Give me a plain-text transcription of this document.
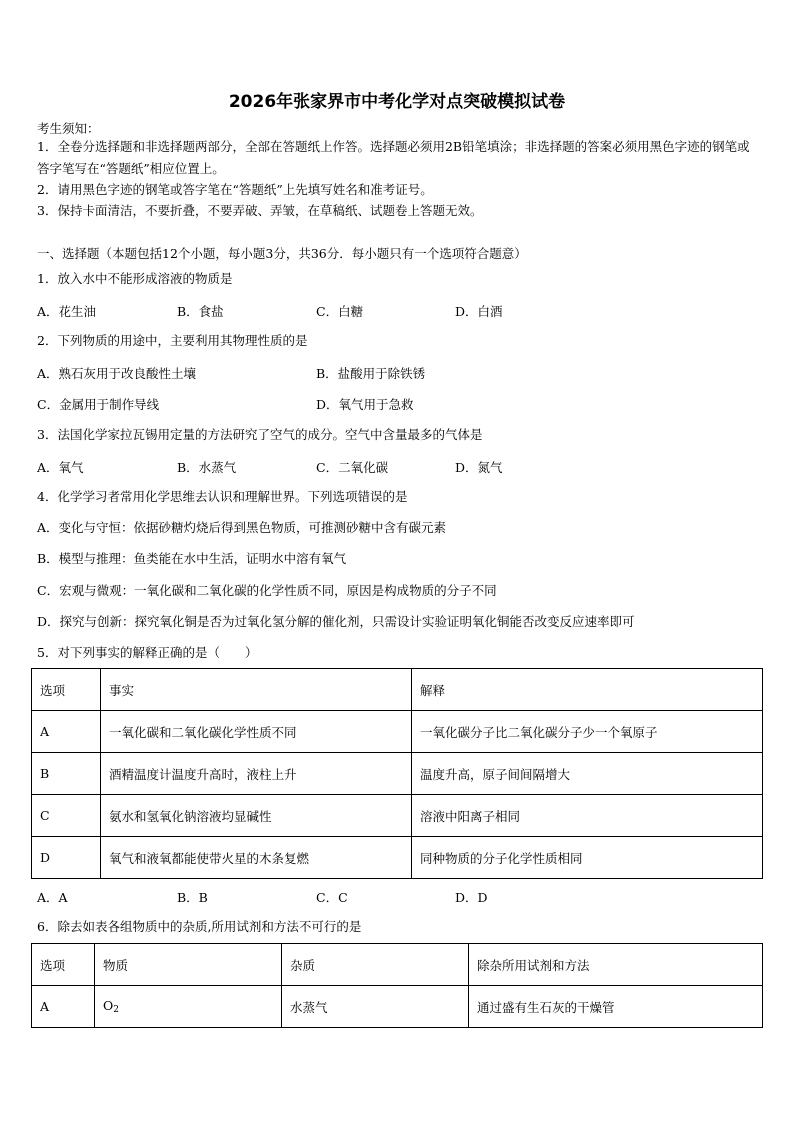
2026年张家界市中考化学对点突破模拟试卷
考生须知：
1．全卷分选择题和非选择题两部分，全部在答题纸上作答。选择题必须用2B铅笔填涂；非选择题的答案必须用黑色字迹的钢笔或答字笔写在“答题纸”相应位置上。
2．请用黑色字迹的钢笔或答字笔在“答题纸”上先填写姓名和准考证号。
3．保持卡面清洁，不要折叠，不要弄破、弄皱，在草稿纸、试题卷上答题无效。
一、选择题（本题包括12个小题，每小题3分，共36分．每小题只有一个选项符合题意）
1．放入水中不能形成溶液的物质是
A．花生油	B．食盐	C．白糖	D．白酒
2．下列物质的用途中，主要利用其物理性质的是
A．熟石灰用于改良酸性土壤	B．盐酸用于除铁锈
C．金属用于制作导线	D．氧气用于急救
3．法国化学家拉瓦锡用定量的方法研究了空气的成分。空气中含量最多的气体是
A．氧气	B．水蒸气	C．二氧化碳	D．氮气
4．化学学习者常用化学思维去认识和理解世界。下列选项错误的是
A．变化与守恒：依据砂糖灼烧后得到黑色物质，可推测砂糖中含有碳元素
B．模型与推理：鱼类能在水中生活，证明水中溶有氧气
C．宏观与微观：一氧化碳和二氧化碳的化学性质不同，原因是构成物质的分子不同
D．探究与创新：探究氧化铜是否为过氧化氢分解的催化剂，只需设计实验证明氧化铜能否改变反应速率即可
5．对下列事实的解释正确的是（　　）
选项	事实	解释
A	一氧化碳和二氧化碳化学性质不同	一氧化碳分子比二氧化碳分子少一个氧原子
B	酒精温度计温度升高时，液柱上升	温度升高，原子间间隔增大
C	氨水和氢氧化钠溶液均显碱性	溶液中阳离子相同
D	氧气和液氧都能使带火星的木条复燃	同种物质的分子化学性质相同
A．A	B．B	C．C	D．D
6．除去如表各组物质中的杂质,所用试剂和方法不可行的是
选项	物质	杂质	除杂所用试剂和方法
A	$O_2$	水蒸气	通过盛有生石灰的干燥管
